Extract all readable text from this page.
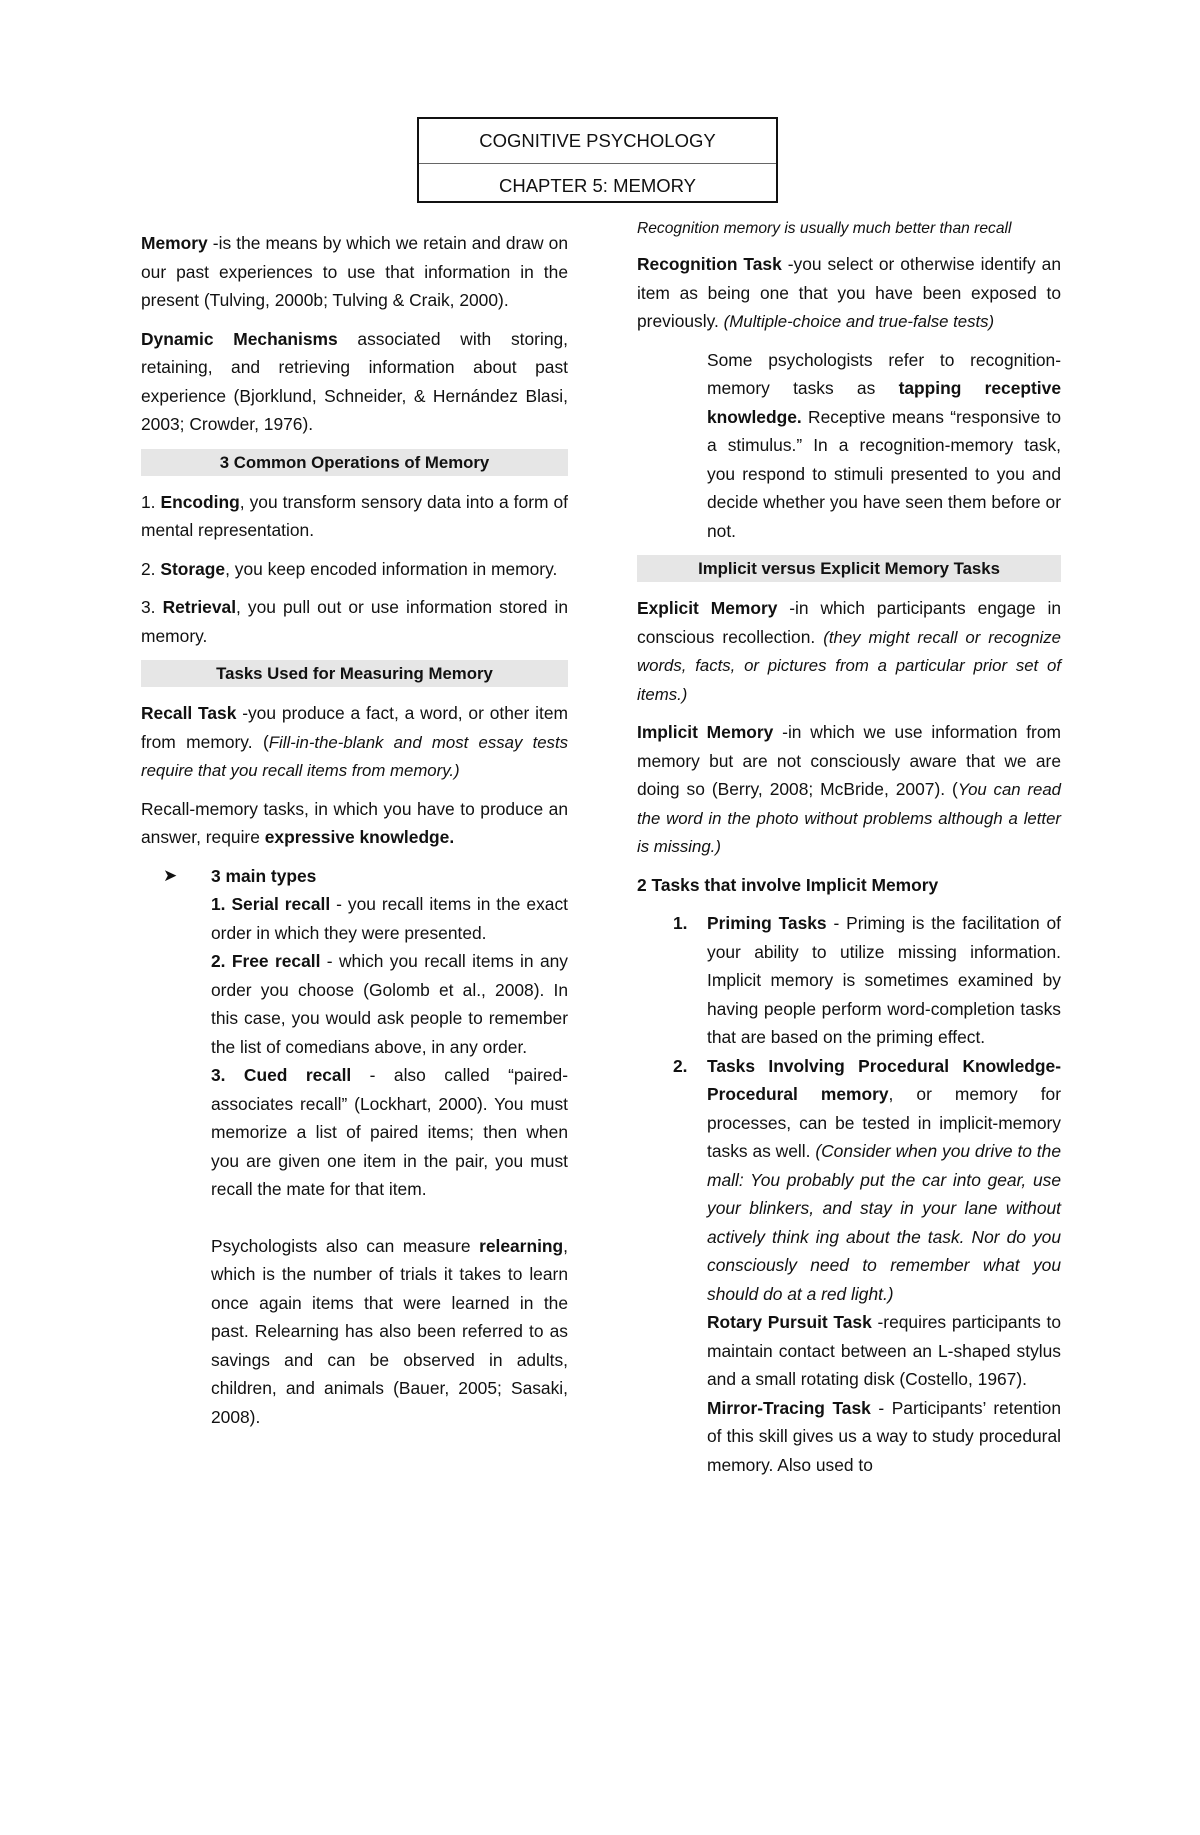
COGNITIVE PSYCHOLOGY
CHAPTER 5: MEMORY

Memory -is the means by which we retain and draw on our past experiences to use that information in the present (Tulving, 2000b; Tulving & Craik, 2000).

Dynamic Mechanisms associated with storing, retaining, and retrieving information about past experience (Bjorklund, Schneider, & Hernández Blasi, 2003; Crowder, 1976).

3 Common Operations of Memory

1. Encoding, you transform sensory data into a form of mental representation.

2. Storage, you keep encoded information in memory.

3. Retrieval, you pull out or use information stored in memory.

Tasks Used for Measuring Memory

Recall Task -you produce a fact, a word, or other item from memory. (Fill-in-the-blank and most essay tests require that you recall items from memory.)

Recall-memory tasks, in which you have to produce an answer, require expressive knowledge.

➤ 3 main types
1. Serial recall - you recall items in the exact order in which they were presented.
2. Free recall - which you recall items in any order you choose (Golomb et al., 2008). In this case, you would ask people to remember the list of comedians above, in any order.
3. Cued recall - also called “paired-associates recall” (Lockhart, 2000). You must memorize a list of paired items; then when you are given one item in the pair, you must recall the mate for that item.
Psychologists also can measure relearning, which is the number of trials it takes to learn once again items that were learned in the past. Relearning has also been referred to as savings and can be observed in adults, children, and animals (Bauer, 2005; Sasaki, 2008).
Recognition memory is usually much better than recall

Recognition Task -you select or otherwise identify an item as being one that you have been exposed to previously. (Multiple-choice and true-false tests)

Some psychologists refer to recognition-memory tasks as tapping receptive knowledge. Receptive means “responsive to a stimulus.” In a recognition-memory task, you respond to stimuli presented to you and decide whether you have seen them before or not.

Implicit versus Explicit Memory Tasks

Explicit Memory -in which participants engage in conscious recollection. (they might recall or recognize words, facts, or pictures from a particular prior set of items.)

Implicit Memory -in which we use information from memory but are not consciously aware that we are doing so (Berry, 2008; McBride, 2007). (You can read the word in the photo without problems although a letter is missing.)

2 Tasks that involve Implicit Memory

1. Priming Tasks - Priming is the facilitation of your ability to utilize missing information. Implicit memory is sometimes examined by having people perform word-completion tasks that are based on the priming effect.
2. Tasks Involving Procedural Knowledge- Procedural memory, or memory for processes, can be tested in implicit-memory tasks as well. (Consider when you drive to the mall: You probably put the car into gear, use your blinkers, and stay in your lane without actively think ing about the task. Nor do you consciously need to remember what you should do at a red light.)
Rotary Pursuit Task -requires participants to maintain contact between an L-shaped stylus and a small rotating disk (Costello, 1967).
Mirror-Tracing Task - Participants’ retention of this skill gives us a way to study procedural memory. Also used to
